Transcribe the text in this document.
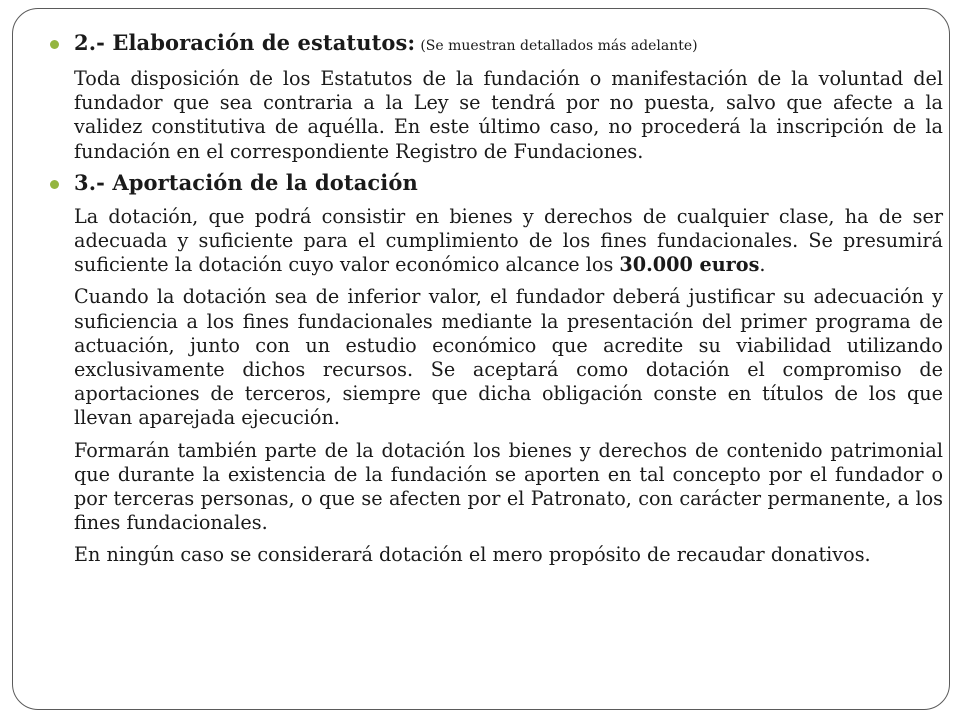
2.- Elaboración de estatutos: (Se muestran detallados más adelante)

Toda disposición de los Estatutos de la fundación o manifestación de la voluntad del fundador que sea contraria a la Ley se tendrá por no puesta, salvo que afecte a la validez constitutiva de aquélla. En este último caso, no procederá la inscripción de la fundación en el correspondiente Registro de Fundaciones.

3.- Aportación de la dotación

La dotación, que podrá consistir en bienes y derechos de cualquier clase, ha de ser adecuada y suficiente para el cumplimiento de los fines fundacionales. Se presumirá suficiente la dotación cuyo valor económico alcance los 30.000 euros.

Cuando la dotación sea de inferior valor, el fundador deberá justificar su adecuación y suficiencia a los fines fundacionales mediante la presentación del primer programa de actuación, junto con un estudio económico que acredite su viabilidad utilizando exclusivamente dichos recursos. Se aceptará como dotación el compromiso de aportaciones de terceros, siempre que dicha obligación conste en títulos de los que llevan aparejada ejecución.

Formarán también parte de la dotación los bienes y derechos de contenido patrimonial que durante la existencia de la fundación se aporten en tal concepto por el fundador o por terceras personas, o que se afecten por el Patronato, con carácter permanente, a los fines fundacionales.

En ningún caso se considerará dotación el mero propósito de recaudar donativos.
